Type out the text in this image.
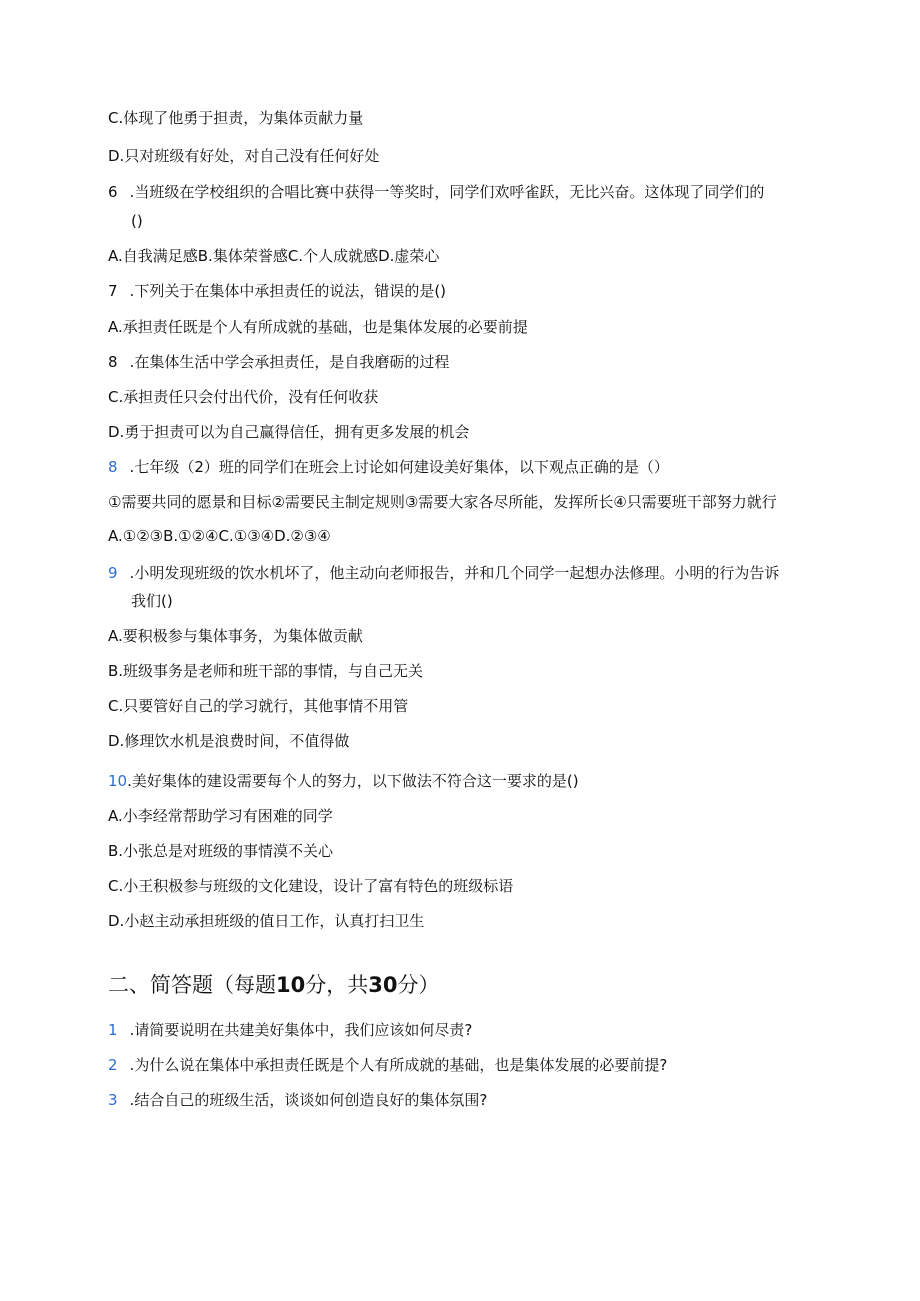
C.体现了他勇于担责，为集体贡献力量
D.只对班级有好处，对自己没有任何好处
6 .当班级在学校组织的合唱比赛中获得一等奖时，同学们欢呼雀跃，无比兴奋。这体现了同学们的
()
A.自我满足感B.集体荣誉感C.个人成就感D.虚荣心
7 .下列关于在集体中承担责任的说法，错误的是()
A.承担责任既是个人有所成就的基础，也是集体发展的必要前提
8 .在集体生活中学会承担责任，是自我磨砺的过程
C.承担责任只会付出代价，没有任何收获
D.勇于担责可以为自己赢得信任，拥有更多发展的机会
8 .七年级（2）班的同学们在班会上讨论如何建设美好集体，以下观点正确的是（）
①需要共同的愿景和目标②需要民主制定规则③需要大家各尽所能，发挥所长④只需要班干部努力就行
A.①②③B.①②④C.①③④D.②③④
9 .小明发现班级的饮水机坏了，他主动向老师报告，并和几个同学一起想办法修理。小明的行为告诉
我们()
A.要积极参与集体事务，为集体做贡献
B.班级事务是老师和班干部的事情，与自己无关
C.只要管好自己的学习就行，其他事情不用管
D.修理饮水机是浪费时间，不值得做
10.美好集体的建设需要每个人的努力，以下做法不符合这一要求的是()
A.小李经常帮助学习有困难的同学
B.小张总是对班级的事情漠不关心
C.小王积极参与班级的文化建设，设计了富有特色的班级标语
D.小赵主动承担班级的值日工作，认真打扫卫生
二、简答题（每题10分，共30分）
1 .请简要说明在共建美好集体中，我们应该如何尽责?
2 .为什么说在集体中承担责任既是个人有所成就的基础，也是集体发展的必要前提?
3 .结合自己的班级生活，谈谈如何创造良好的集体氛围?
